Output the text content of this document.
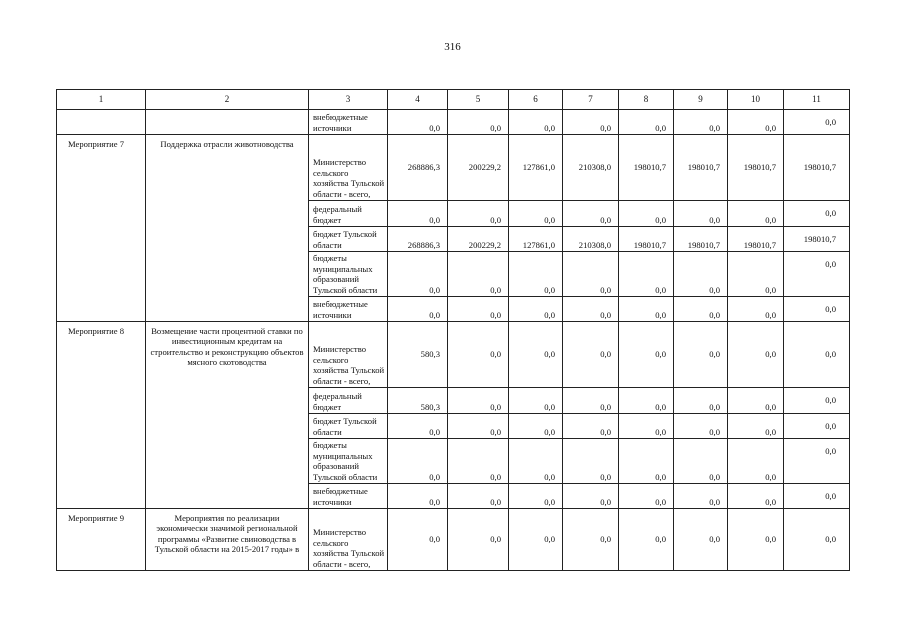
316
1	2	3	4	5	6	7	8	9	10	11
		внебюджетные источники	0,0	0,0	0,0	0,0	0,0	0,0	0,0	0,0
Мероприятие 7	Поддержка отрасли животноводства	Министерство сельского хозяйства Тульской области - всего,	268886,3	200229,2	127861,0	210308,0	198010,7	198010,7	198010,7	198010,7
		федеральный бюджет	0,0	0,0	0,0	0,0	0,0	0,0	0,0	0,0
		бюджет Тульской области	268886,3	200229,2	127861,0	210308,0	198010,7	198010,7	198010,7	198010,7
		бюджеты муниципальных образований Тульской области	0,0	0,0	0,0	0,0	0,0	0,0	0,0	0,0
		внебюджетные источники	0,0	0,0	0,0	0,0	0,0	0,0	0,0	0,0
Мероприятие 8	Возмещение части процентной ставки по инвестиционным кредитам на строительство и реконструкцию объектов мясного скотоводства	Министерство сельского хозяйства Тульской области - всего,	580,3	0,0	0,0	0,0	0,0	0,0	0,0	0,0
		федеральный бюджет	580,3	0,0	0,0	0,0	0,0	0,0	0,0	0,0
		бюджет Тульской области	0,0	0,0	0,0	0,0	0,0	0,0	0,0	0,0
		бюджеты муниципальных образований Тульской области	0,0	0,0	0,0	0,0	0,0	0,0	0,0	0,0
		внебюджетные источники	0,0	0,0	0,0	0,0	0,0	0,0	0,0	0,0
Мероприятие 9	Мероприятия по реализации экономически значимой региональной программы «Развитие свиноводства в Тульской области на 2015-2017 годы» в	Министерство сельского хозяйства Тульской области - всего,	0,0	0,0	0,0	0,0	0,0	0,0	0,0	0,0
